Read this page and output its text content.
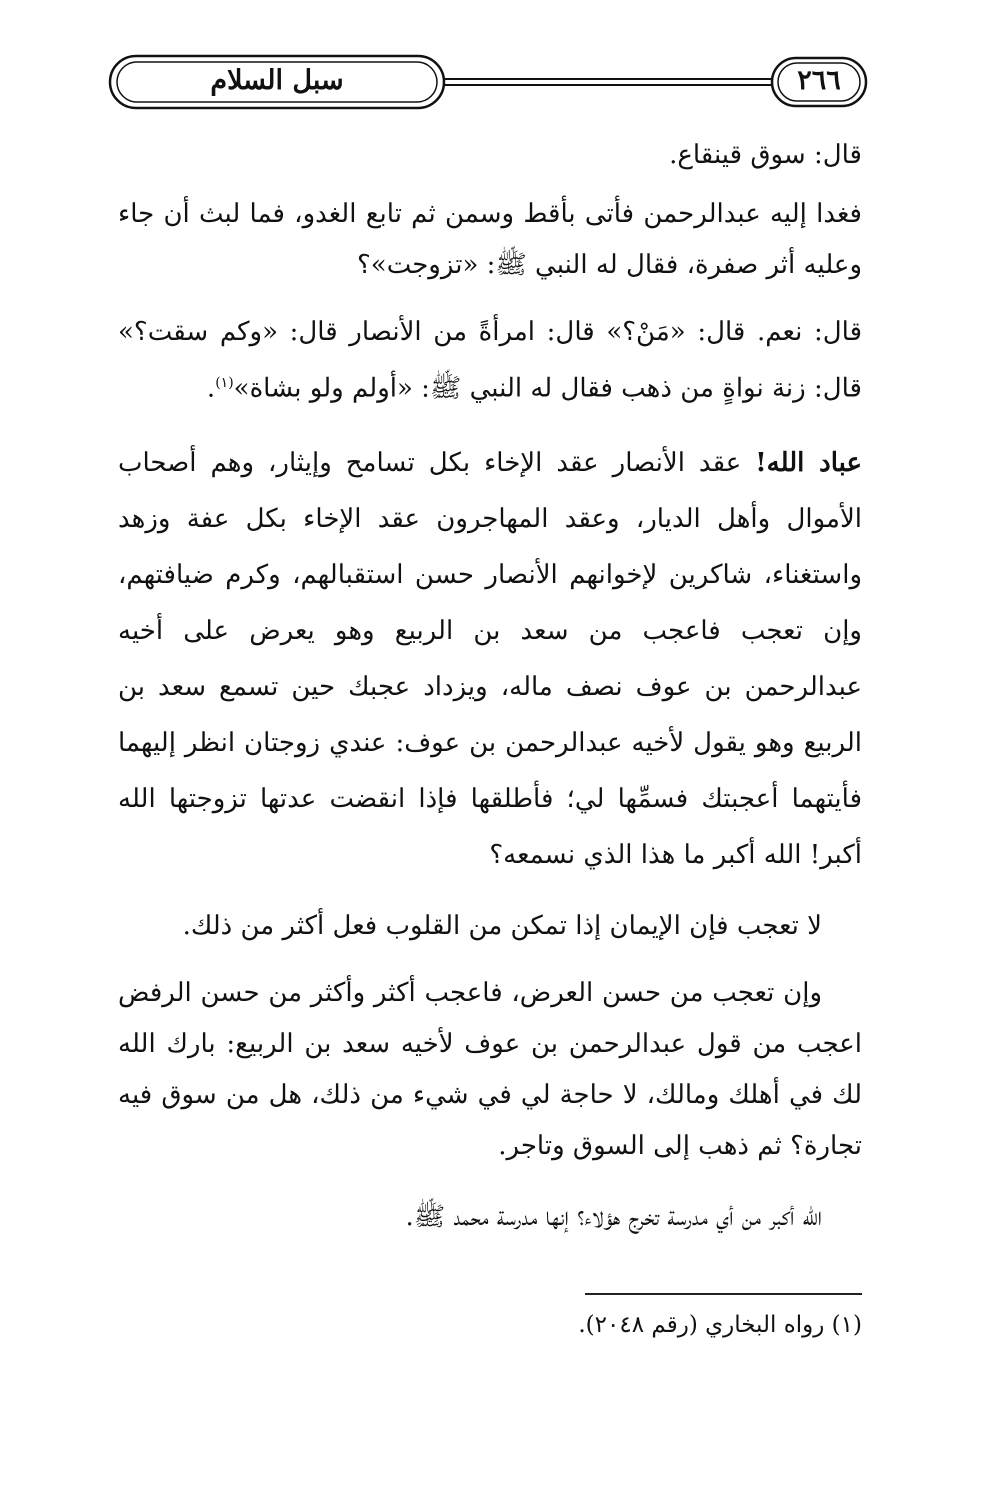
سبل السلام	٢٦٦

قال: سوق قينقاع.

فغدا إليه عبدالرحمن فأتى بأقط وسمن ثم تابع الغدو، فما لبث أن جاء وعليه أثر صفرة، فقال له النبي ﷺ: «تزوجت»؟

قال: نعم. قال: «مَنْ؟» قال: امرأةً من الأنصار قال: «وكم سقت؟» قال: زنة نواةٍ من ذهب فقال له النبي ﷺ: «أولم ولو بشاة»$^{(١)}$.

عباد الله! عقد الأنصار عقد الإخاء بكل تسامح وإيثار، وهم أصحاب الأموال وأهل الديار، وعقد المهاجرون عقد الإخاء بكل عفة وزهد واستغناء، شاكرين لإخوانهم الأنصار حسن استقبالهم، وكرم ضيافتهم، وإن تعجب فاعجب من سعد بن الربيع وهو يعرض على أخيه عبدالرحمن بن عوف نصف ماله، ويزداد عجبك حين تسمع سعد بن الربيع وهو يقول لأخيه عبدالرحمن بن عوف: عندي زوجتان انظر إليهما فأيتهما أعجبتك فسمِّها لي؛ فأطلقها فإذا انقضت عدتها تزوجتها الله أكبر! الله أكبر ما هذا الذي نسمعه؟

لا تعجب فإن الإيمان إذا تمكن من القلوب فعل أكثر من ذلك.

وإن تعجب من حسن العرض، فاعجب أكثر وأكثر من حسن الرفض اعجب من قول عبدالرحمن بن عوف لأخيه سعد بن الربيع: بارك الله لك في أهلك ومالك، لا حاجة لي في شيء من ذلك، هل من سوق فيه تجارة؟ ثم ذهب إلى السوق وتاجر.

الله أكبر من أي مدرسة تخرج هؤلاء؟ إنها مدرسة محمد ﷺ.

(١) رواه البخاري (رقم ٢٠٤٨).
